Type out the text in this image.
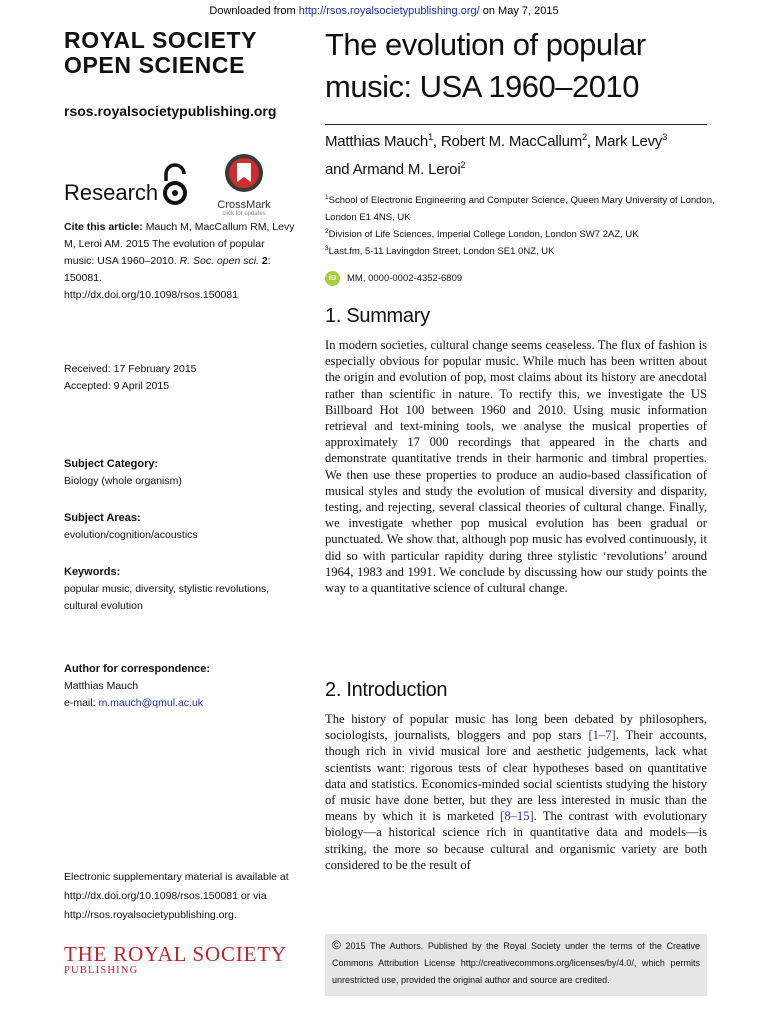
Downloaded from http://rsos.royalsocietypublishing.org/ on May 7, 2015
ROYAL SOCIETY
OPEN SCIENCE
rsos.royalsocietypublishing.org
Research	CrossMark
click for updates
Cite this article: Mauch M, MacCallum RM, Levy M, Leroi AM. 2015 The evolution of popular music: USA 1960–2010. R. Soc. open sci. 2: 150081.
http://dx.doi.org/10.1098/rsos.150081
Received: 17 February 2015
Accepted: 9 April 2015
Subject Category:
Biology (whole organism)
Subject Areas:
evolution/cognition/acoustics
Keywords:
popular music, diversity, stylistic revolutions, cultural evolution
Author for correspondence:
Matthias Mauch
e-mail: m.mauch@qmul.ac.uk
Electronic supplementary material is available at http://dx.doi.org/10.1098/rsos.150081 or via http://rsos.royalsocietypublishing.org.
THE ROYAL SOCIETY
PUBLISHING
The evolution of popular music: USA 1960–2010
Matthias Mauch$^1$, Robert M. MacCallum$^2$, Mark Levy$^3$
and Armand M. Leroi$^2$
$^1$School of Electronic Engineering and Computer Science, Queen Mary University of London, London E1 4NS, UK
$^2$Division of Life Sciences, Imperial College London, London SW7 2AZ, UK
$^3$Last.fm, 5-11 Lavingdon Street, London SE1 0NZ, UK
iD	MM, 0000-0002-4352-6809
1. Summary

In modern societies, cultural change seems ceaseless. The flux of fashion is especially obvious for popular music. While much has been written about the origin and evolution of pop, most claims about its history are anecdotal rather than scientific in nature. To rectify this, we investigate the US Billboard Hot 100 between 1960 and 2010. Using music information retrieval and text-mining tools, we analyse the musical properties of approximately 17 000 recordings that appeared in the charts and demonstrate quantitative trends in their harmonic and timbral properties. We then use these properties to produce an audio-based classification of musical styles and study the evolution of musical diversity and disparity, testing, and rejecting, several classical theories of cultural change. Finally, we investigate whether pop musical evolution has been gradual or punctuated. We show that, although pop music has evolved continuously, it did so with particular rapidity during three stylistic ‘revolutions’ around 1964, 1983 and 1991. We conclude by discussing how our study points the way to a quantitative science of cultural change.

2. Introduction

The history of popular music has long been debated by philosophers, sociologists, journalists, bloggers and pop stars [1–7]. Their accounts, though rich in vivid musical lore and aesthetic judgements, lack what scientists want: rigorous tests of clear hypotheses based on quantitative data and statistics. Economics-minded social scientists studying the history of music have done better, but they are less interested in music than the means by which it is marketed [8–15]. The contrast with evolutionary biology—a historical science rich in quantitative data and models—is striking, the more so because cultural and organismic variety are both considered to be the result of

© 2015 The Authors. Published by the Royal Society under the terms of the Creative Commons Attribution License http://creativecommons.org/licenses/by/4.0/, which permits unrestricted use, provided the original author and source are credited.
